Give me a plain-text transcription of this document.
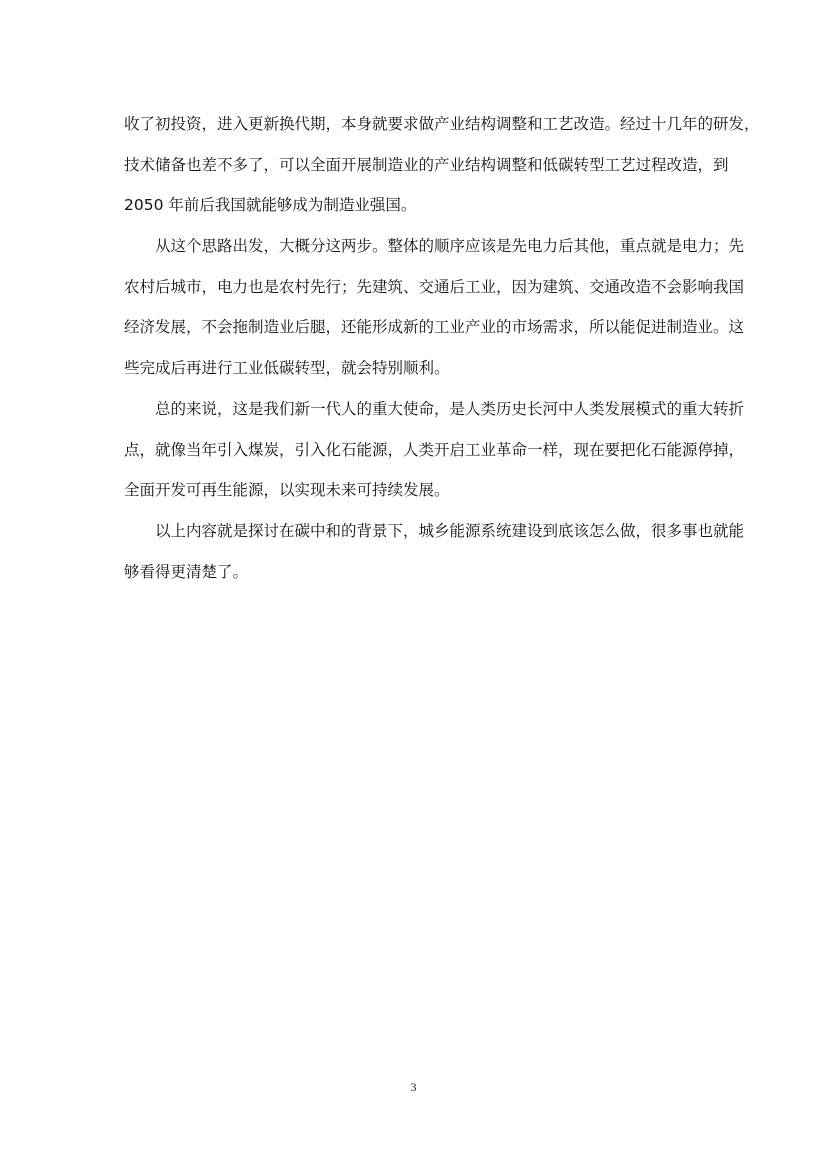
收了初投资，进入更新换代期，本身就要求做产业结构调整和工艺改造。经过十几年的研发，
技术储备也差不多了，可以全面开展制造业的产业结构调整和低碳转型工艺过程改造，到
2050 年前后我国就能够成为制造业强国。
从这个思路出发，大概分这两步。整体的顺序应该是先电力后其他，重点就是电力；先
农村后城市，电力也是农村先行；先建筑、交通后工业，因为建筑、交通改造不会影响我国
经济发展，不会拖制造业后腿，还能形成新的工业产业的市场需求，所以能促进制造业。这
些完成后再进行工业低碳转型，就会特别顺利。
总的来说，这是我们新一代人的重大使命，是人类历史长河中人类发展模式的重大转折
点，就像当年引入煤炭，引入化石能源，人类开启工业革命一样，现在要把化石能源停掉，
全面开发可再生能源，以实现未来可持续发展。
以上内容就是探讨在碳中和的背景下，城乡能源系统建设到底该怎么做，很多事也就能
够看得更清楚了。
3
